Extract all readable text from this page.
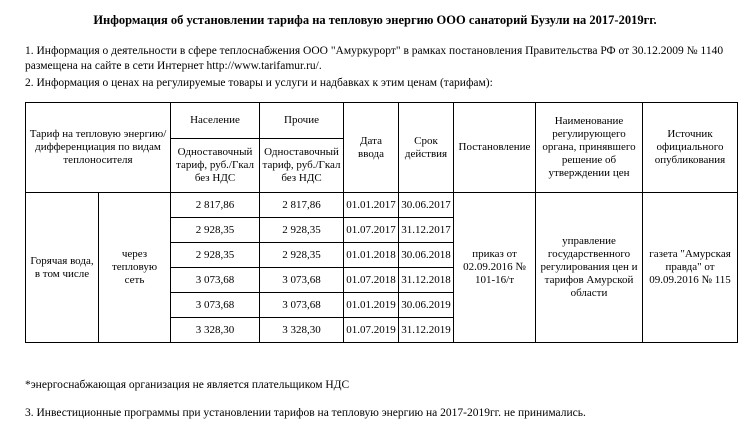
Информация об установлении тарифа на тепловую энергию ООО санаторий Бузули на 2017-2019гг.
1. Информация о деятельности в сфере теплоснабжения ООО "Амуркурорт" в рамках постановления Правительства РФ от 30.12.2009 № 1140
размещена на сайте в сети Интернет http://www.tarifamur.ru/.
2. Информация о ценах на регулируемые товары и услуги и надбавках к этим ценам (тарифам):
Тариф на тепловую энергию/дифференциация по видам теплоносителя		Население	Прочие	Дата ввода	Срок действия	Постановление	Наименование регулирующего органа, принявшего решение об утверждении цен	Источник официального опубликования
		Одноставочный тариф, руб./Гкал без НДС	Одноставочный тариф, руб./Гкал без НДС					
Горячая вода, в том числе	через тепловую сеть	2 817,86	2 817,86	01.01.2017	30.06.2017	приказ от 02.09.2016 № 101-16/т	управление государственного регулирования цен и тарифов Амурской области	газета "Амурская правда" от 09.09.2016 № 115
		2 928,35	2 928,35	01.07.2017	31.12.2017			
		2 928,35	2 928,35	01.01.2018	30.06.2018			
		3 073,68	3 073,68	01.07.2018	31.12.2018			
		3 073,68	3 073,68	01.01.2019	30.06.2019			
		3 328,30	3 328,30	01.07.2019	31.12.2019			
*энергоснабжающая организация не является плательщиком НДС
3. Инвестиционные программы при установлении тарифов на тепловую энергию на 2017-2019гг. не принимались.
